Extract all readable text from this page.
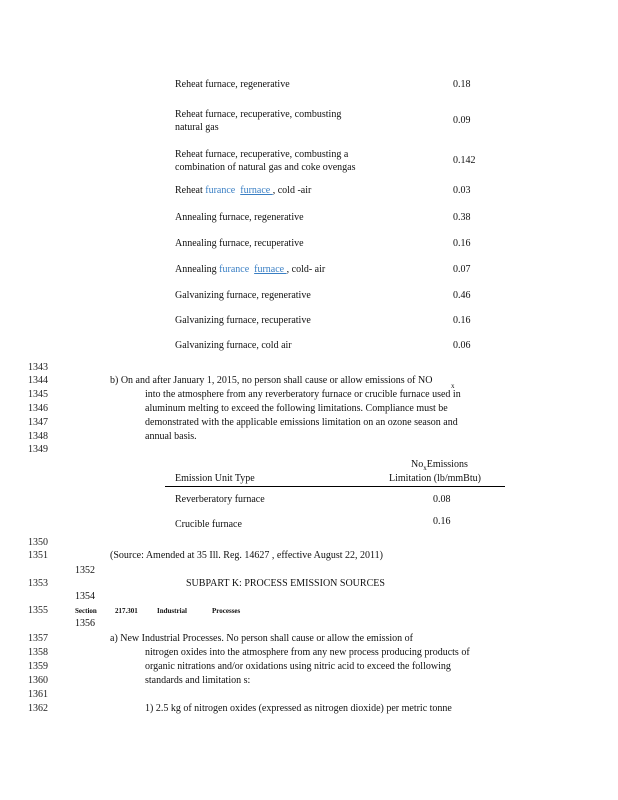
Reheat furnace, regenerative	0.18
Reheat furnace, recuperative, combusting
natural gas
0.09
Reheat furnace, recuperative, combusting a
combination of natural gas and coke ovengas
0.142
Reheat furance furnace , cold -air	0.03
Annealing furnace, regenerative	0.38
Annealing furnace, recuperative	0.16
Annealing furance furnace , cold- air	0.07
Galvanizing furnace, regenerative	0.46
Galvanizing furnace, recuperative	0.16
Galvanizing furnace, cold air	0.06
1343
1344
1345
1346
1347
1348
1349
1350
1351
1352
1353
1354
1355
1356
1357
1358
1359
1360
1361
1362
b) On and after January 1, 2015, no person shall cause or allow emissions of NO	$_x$
into the atmosphere from any reverberatory furnace or crucible furnace used in
aluminum melting to exceed the following limitations. Compliance must be
demonstrated with the applicable emissions limitation on an ozone season and
annual basis.
$No_xEmissions$
Emission Unit Type	Limitation (lb/mmBtu)
Reverberatory furnace	0.08
Crucible furnace	0.16
(Source: Amended at 35 Ill. Reg. 14627 , effective August 22, 2011)
SUBPART K: PROCESS EMISSION SOURCES
Section	217.301	Industrial	Processes
a) New Industrial Processes. No person shall cause or allow the emission of
nitrogen oxides into the atmosphere from any new process producing products of
organic nitrations and/or oxidations using nitric acid to exceed the following
standards and limitation s:
1) 2.5 kg of nitrogen oxides (expressed as nitrogen dioxide) per metric tonne
